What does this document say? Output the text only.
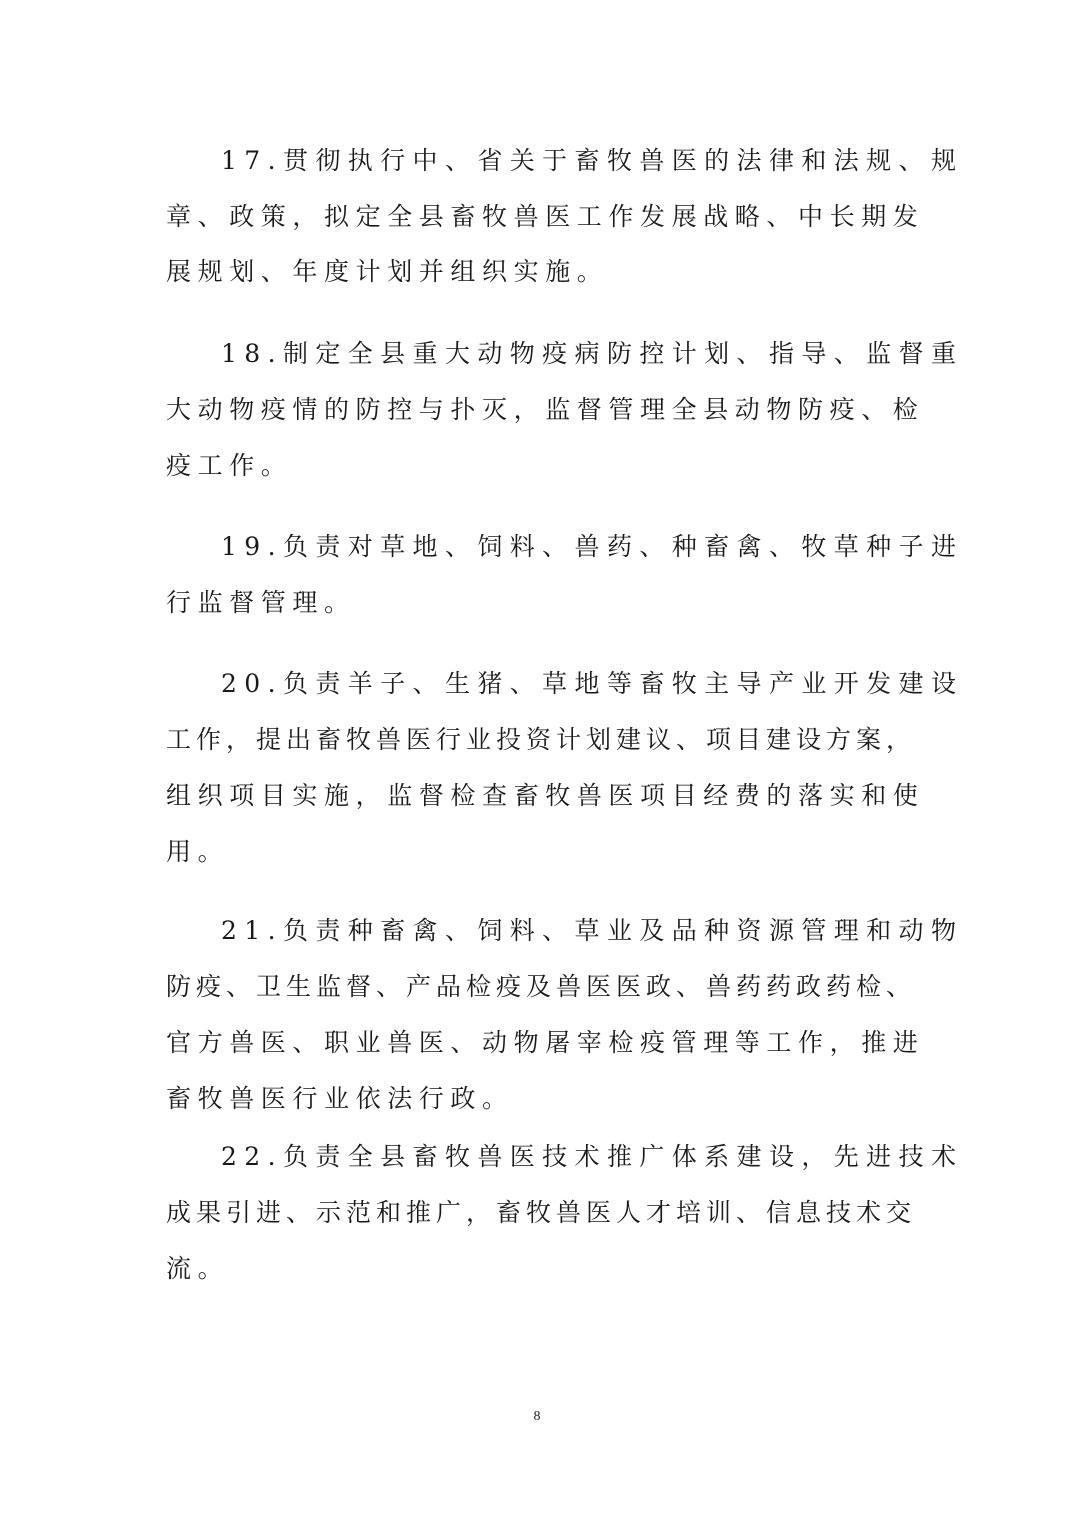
17.贯彻执行中、省关于畜牧兽医的法律和法规、规
章、政策，拟定全县畜牧兽医工作发展战略、中长期发
展规划、年度计划并组织实施。
18.制定全县重大动物疫病防控计划、指导、监督重
大动物疫情的防控与扑灭，监督管理全县动物防疫、检
疫工作。
19.负责对草地、饲料、兽药、种畜禽、牧草种子进
行监督管理。
20.负责羊子、生猪、草地等畜牧主导产业开发建设
工作，提出畜牧兽医行业投资计划建议、项目建设方案，
组织项目实施，监督检查畜牧兽医项目经费的落实和使
用。
21.负责种畜禽、饲料、草业及品种资源管理和动物
防疫、卫生监督、产品检疫及兽医医政、兽药药政药检、
官方兽医、职业兽医、动物屠宰检疫管理等工作，推进
畜牧兽医行业依法行政。
22.负责全县畜牧兽医技术推广体系建设，先进技术
成果引进、示范和推广，畜牧兽医人才培训、信息技术交
流。
8
